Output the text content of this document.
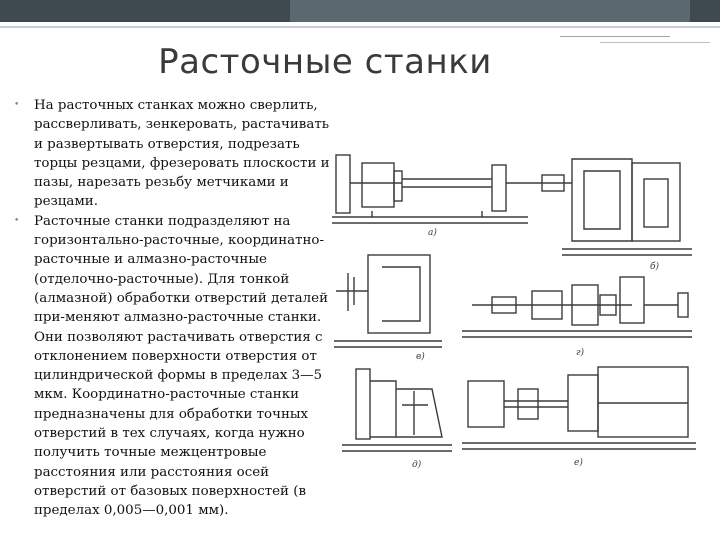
Расточные станки
• На расточных станках можно сверлить, рассверливать, зенкеровать, растачивать и развертывать отверстия, подрезать торцы резцами, фрезеровать плоскости и пазы, нарезать резьбу метчиками и резцами.
• Расточные станки подразделяют на горизонтально-расточные, координатно-расточные и алмазно-расточные (отделочно-расточные). Для тонкой (алмазной) обработки отверстий деталей при-меняют алмазно-расточные станки. Они позволяют растачивать отверстия с отклонением поверхности отверстия от цилиндрической формы в пределах 3—5 мкм. Координатно-расточные станки предназначены для обработки точных отверстий в тех случаях, когда нужно получить точные межцентровые расстояния или расстояния осей отверстий от базовых поверхностей (в пределах 0,005—0,001 мм).
а)
б)
в)	г)
д)	е)
